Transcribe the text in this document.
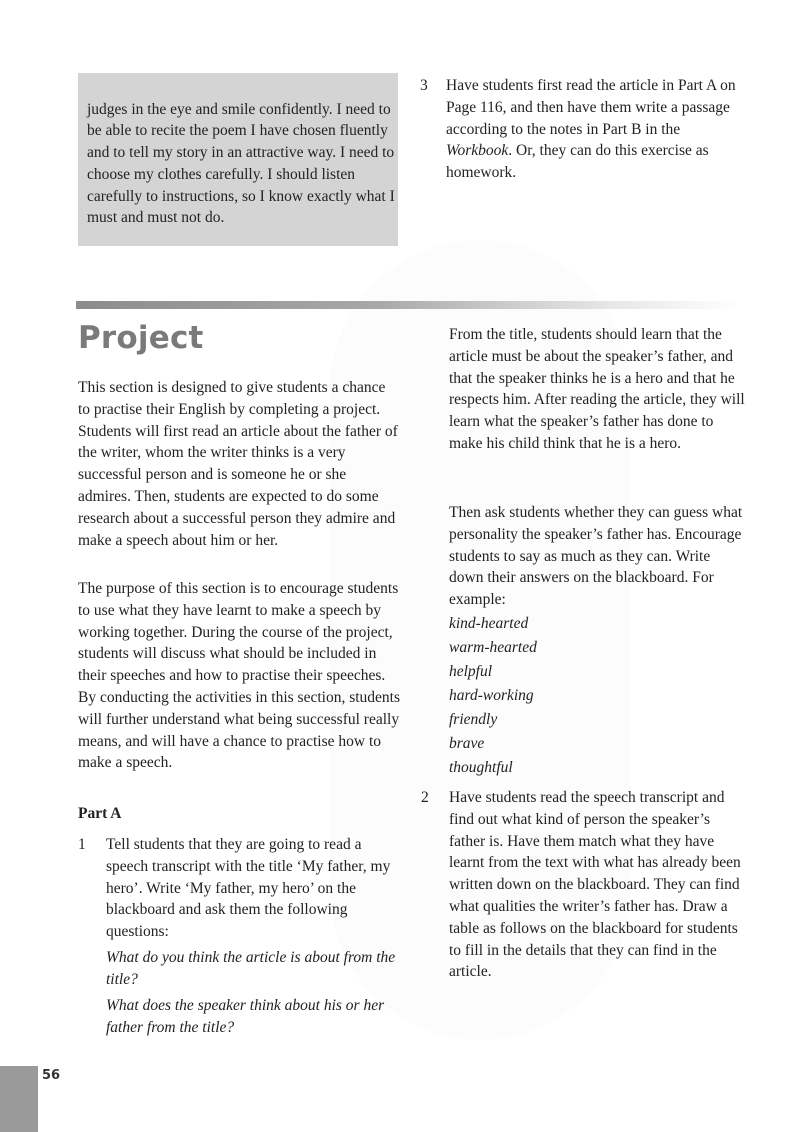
judges in the eye and smile confidently. I need to be able to recite the poem I have chosen fluently and to tell my story in an attractive way. I need to choose my clothes carefully. I should listen carefully to instructions, so I know exactly what I must and must not do.

3 Have students first read the article in Part A on Page 116, and then have them write a passage according to the notes in Part B in the Workbook. Or, they can do this exercise as homework.

Project

This section is designed to give students a chance to practise their English by completing a project. Students will first read an article about the father of the writer, whom the writer thinks is a very successful person and is someone he or she admires. Then, students are expected to do some research about a successful person they admire and make a speech about him or her.

The purpose of this section is to encourage students to use what they have learnt to make a speech by working together. During the course of the project, students will discuss what should be included in their speeches and how to practise their speeches. By conducting the activities in this section, students will further understand what being successful really means, and will have a chance to practise how to make a speech.

Part A

1 Tell students that they are going to read a speech transcript with the title ‘My father, my hero’. Write ‘My father, my hero’ on the blackboard and ask them the following questions:

What do you think the article is about from the title?

What does the speaker think about his or her father from the title?

From the title, students should learn that the article must be about the speaker’s father, and that the speaker thinks he is a hero and that he respects him. After reading the article, they will learn what the speaker’s father has done to make his child think that he is a hero.

Then ask students whether they can guess what personality the speaker’s father has. Encourage students to say as much as they can. Write down their answers on the blackboard. For example:

kind-hearted
warm-hearted
helpful
hard-working
friendly
brave
thoughtful

2 Have students read the speech transcript and find out what kind of person the speaker’s father is. Have them match what they have learnt from the text with what has already been written down on the blackboard. They can find what qualities the writer’s father has. Draw a table as follows on the blackboard for students to fill in the details that they can find in the article.

56
